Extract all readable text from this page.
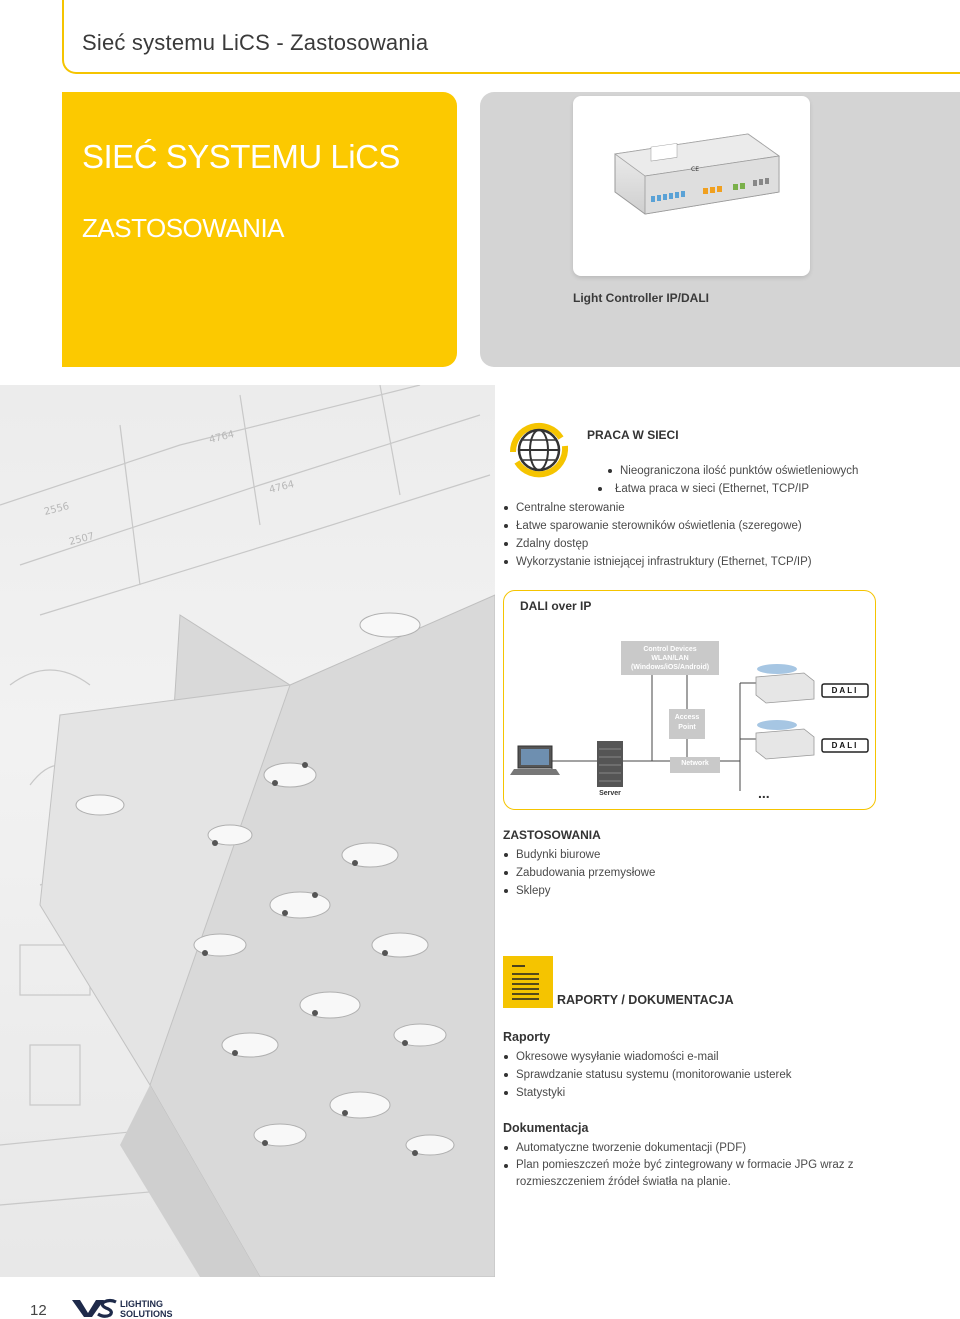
Sieć systemu LiCS - Zastosowania
SIEĆ SYSTEMU LiCS
ZASTOSOWANIA
CE
Light Controller IP/DALI
4764
4764
2556
2507
PRACA W SIECI
Nieograniczona ilość punktów oświetleniowych
Łatwa praca w sieci (Ethernet, TCP/IP
Centralne sterowanie
Łatwe sparowanie sterowników oświetlenia (szeregowe)
Zdalny dostęp
Wykorzystanie istniejącej infrastruktury (Ethernet, TCP/IP)
DALI over IP
Control Devices
WLAN/LAN
(Windows/iOS/Android)
Access
Point
Network
Server
DALI
DALI
...
ZASTOSOWANIA
Budynki biurowe
Zabudowania przemysłowe
Sklepy
RAPORTY / DOKUMENTACJA
Raporty
Okresowe wysyłanie wiadomości e-mail
Sprawdzanie statusu systemu (monitorowanie usterek
Statystyki
Dokumentacja
Automatyczne tworzenie dokumentacji (PDF)
Plan pomieszczeń może być zintegrowany w formacie JPG wraz z rozmieszczeniem źródeł światła na planie.
12	LIGHTING
SOLUTIONS
